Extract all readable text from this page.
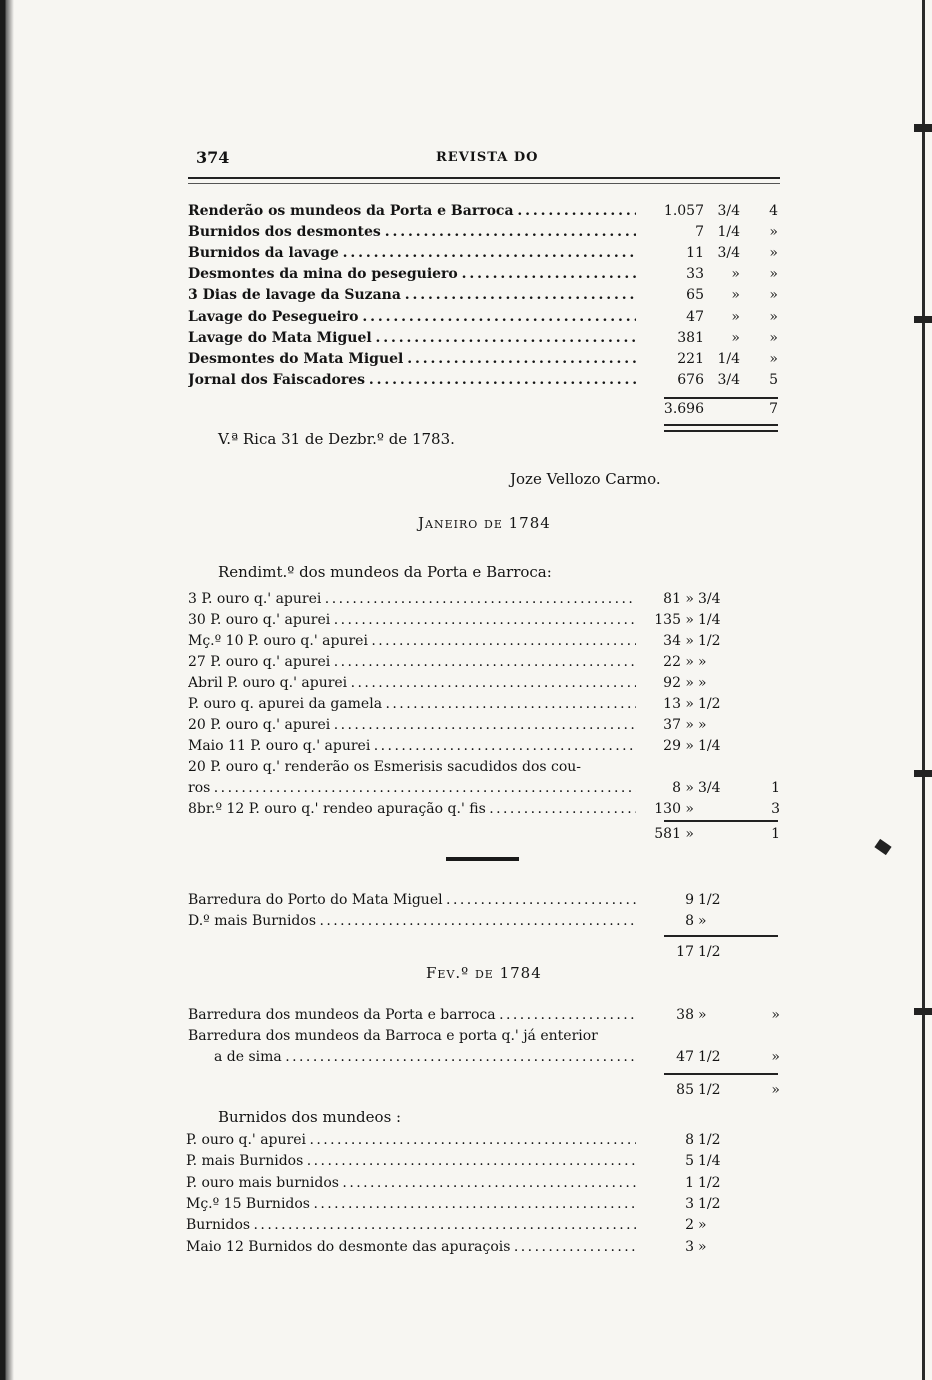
374	REVISTA DO
Renderão os mundeos da Porta e Barroca . . .	1.057 3/4	4
Burnidos dos desmontes . . .	7 1/4	»
Burnidos da lavage . . .	11 3/4	»
Desmontes da mina do peseguiero . . .	33	»	»
3 Dias de lavage da Suzana . . .	65	»	»
Lavage do Pesegueiro . . .	47	»	»
Lavage do Mata Miguel . . .	381	»	»
Desmontes do Mata Miguel . . .	221 1/4	»
Jornal dos Faiscadores . . .	676 3/4	5
3.696	7
V.ª Rica 31 de Dezbr.º de 1783.
Joze Vellozo Carmo.
Janeiro de 1784
Rendimt.º dos mundeos da Porta e Barroca:
3 P. ouro q.' apurei . . .	81 » 3/4
30 P. ouro q.' apurei . . .	135 » 1/4
Mç.º 10 P. ouro q.' apurei . . .	34 » 1/2
27 P. ouro q.' apurei . . .	22 » »
Abril P. ouro q.' apurei . . .	92 » »
P. ouro q. apurei da gamela . . .	13 » 1/2
20 P. ouro q.' apurei . . .	37 » »
Maio 11 P. ouro q.' apurei . . .	29 » 1/4
20 P. ouro q.' renderão os Esmerisis sacudidos dos cou-
ros . . .	8 » 3/4	1
8br.º 12 P. ouro q.' rendeo apuração q.' fis . . .	130 »	3
581 »	1
Barredura do Porto do Mata Miguel . . .	9 1/2
D.º mais Burnidos . . .	8 »
17 1/2
Fev.º de 1784
Barredura dos mundeos da Porta e barroca . . .	38 »	»
Barredura dos mundeos da Barroca e porta q.' já enterior
a de sima . . .	47 1/2	»
85 1/2	»
Burnidos dos mundeos :
P. ouro q.' apurei . . .	8 1/2
P. mais Burnidos . . .	5 1/4
P. ouro mais burnidos . . .	1 1/2
Mç.º 15 Burnidos . . .	3 1/2
Burnidos . . .	2 »
Maio 12 Burnidos do desmonte das apuraçois . . .	3 »
